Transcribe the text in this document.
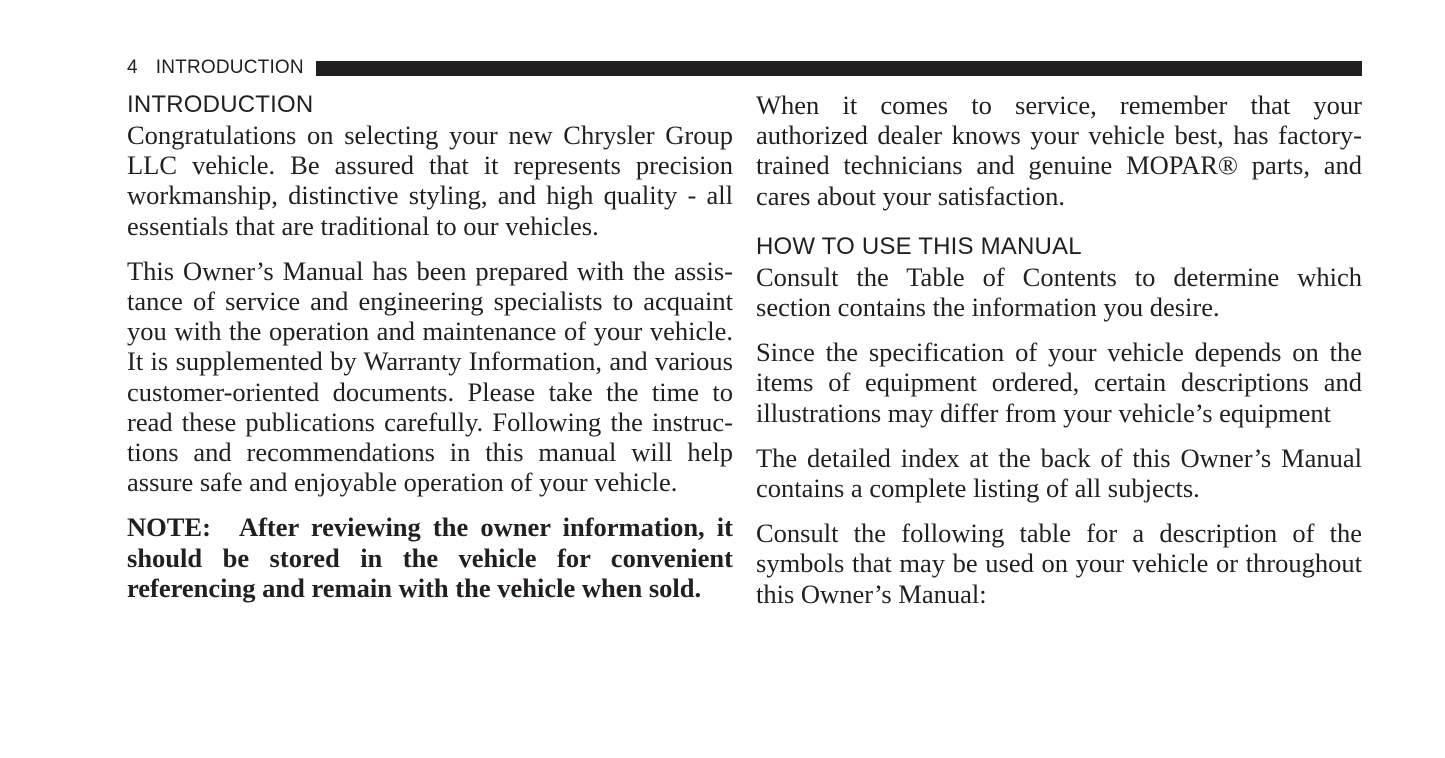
4 INTRODUCTION
INTRODUCTION

Congratulations on selecting your new Chrysler Group LLC vehicle. Be assured that it represents precision workmanship, distinctive styling, and high quality - all essentials that are traditional to our vehicles.

This Owner’s Manual has been prepared with the assistance of service and engineering specialists to acquaint you with the operation and maintenance of your vehicle. It is supplemented by Warranty Information, and various customer-oriented documents. Please take the time to read these publications carefully. Following the instructions and recommendations in this manual will help assure safe and enjoyable operation of your vehicle.

NOTE: After reviewing the owner information, it should be stored in the vehicle for convenient referencing and remain with the vehicle when sold.

When it comes to service, remember that your authorized dealer knows your vehicle best, has factory-trained technicians and genuine MOPAR® parts, and cares about your satisfaction.

HOW TO USE THIS MANUAL

Consult the Table of Contents to determine which section contains the information you desire.

Since the specification of your vehicle depends on the items of equipment ordered, certain descriptions and illustrations may differ from your vehicle’s equipment

The detailed index at the back of this Owner’s Manual contains a complete listing of all subjects.

Consult the following table for a description of the symbols that may be used on your vehicle or throughout this Owner’s Manual:
